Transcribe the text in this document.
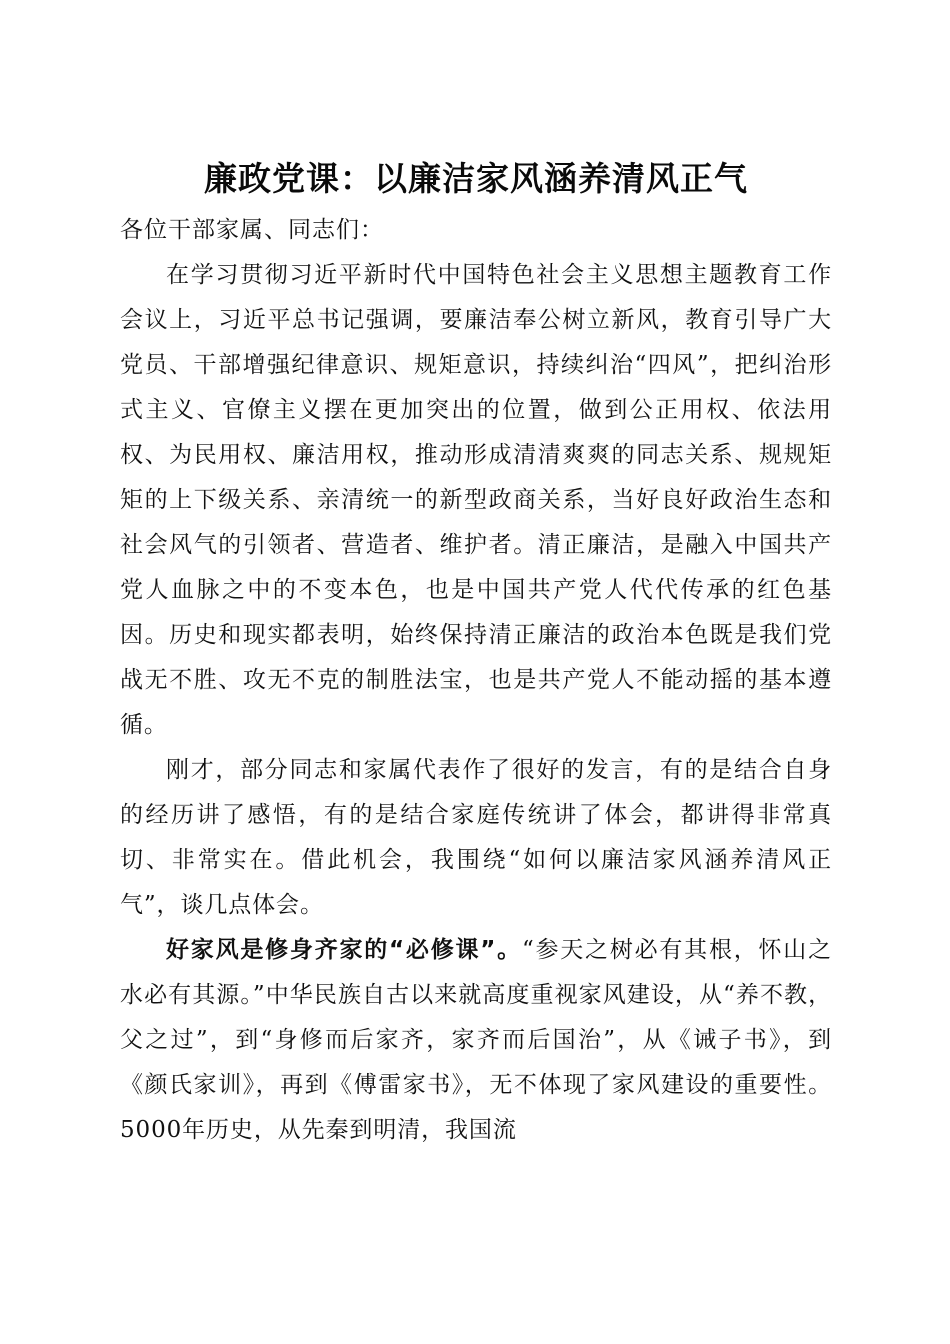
廉政党课：以廉洁家风涵养清风正气

各位干部家属、同志们：

在学习贯彻习近平新时代中国特色社会主义思想主题教育工作会议上，习近平总书记强调，要廉洁奉公树立新风，教育引导广大党员、干部增强纪律意识、规矩意识，持续纠治“四风”，把纠治形式主义、官僚主义摆在更加突出的位置，做到公正用权、依法用权、为民用权、廉洁用权，推动形成清清爽爽的同志关系、规规矩矩的上下级关系、亲清统一的新型政商关系，当好良好政治生态和社会风气的引领者、营造者、维护者。清正廉洁，是融入中国共产党人血脉之中的不变本色，也是中国共产党人代代传承的红色基因。历史和现实都表明，始终保持清正廉洁的政治本色既是我们党战无不胜、攻无不克的制胜法宝，也是共产党人不能动摇的基本遵循。

刚才，部分同志和家属代表作了很好的发言，有的是结合自身的经历讲了感悟，有的是结合家庭传统讲了体会，都讲得非常真切、非常实在。借此机会，我围绕“如何以廉洁家风涵养清风正气”，谈几点体会。

好家风是修身齐家的“必修课”。“参天之树必有其根，怀山之水必有其源。”中华民族自古以来就高度重视家风建设，从“养不教，父之过”，到“身修而后家齐，家齐而后国治”，从《诫子书》，到《颜氏家训》，再到《傅雷家书》，无不体现了家风建设的重要性。5000年历史，从先秦到明清，我国流
